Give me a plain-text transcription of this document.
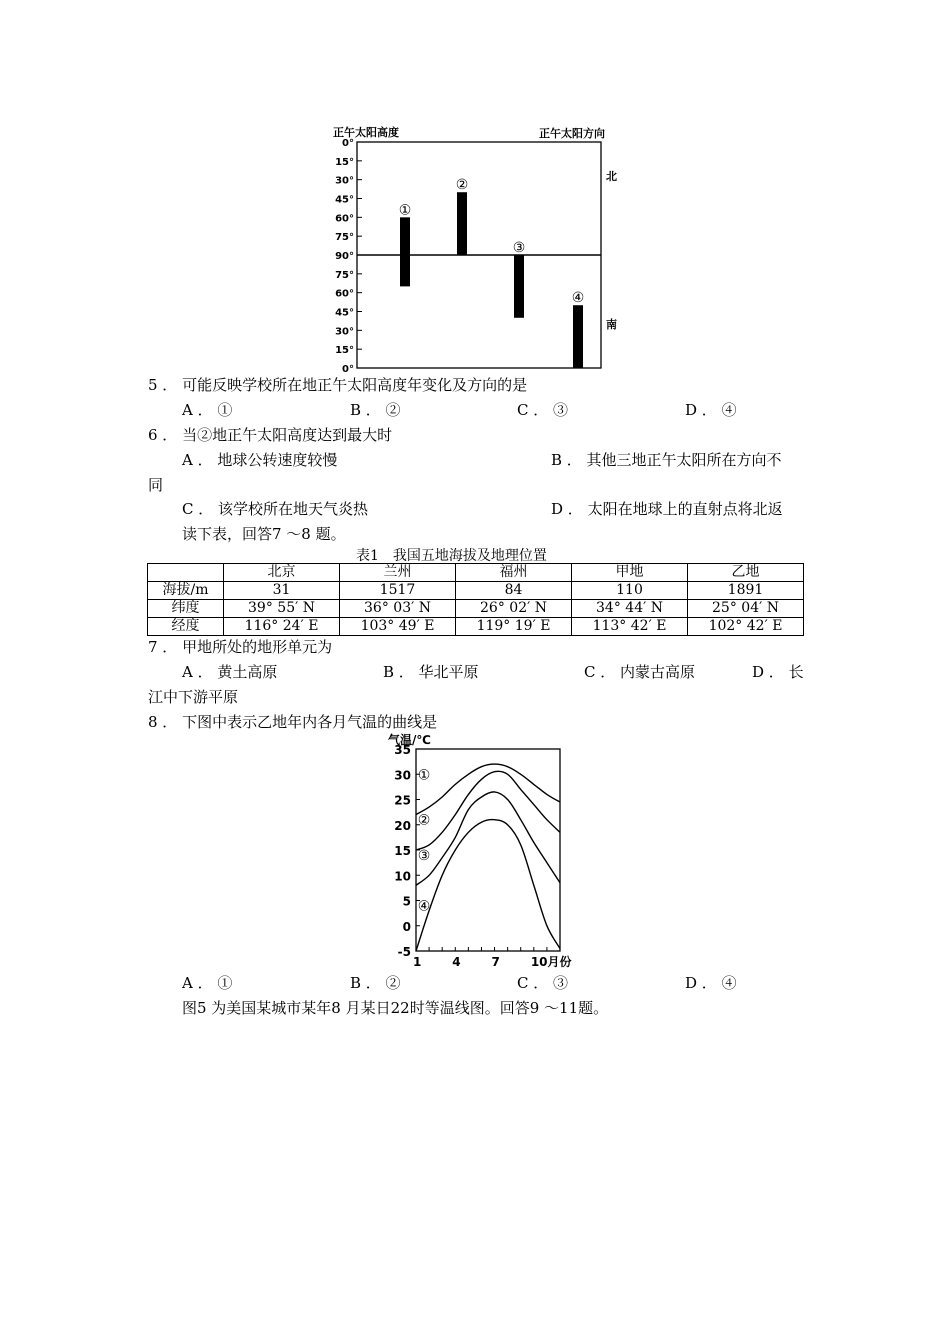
正午太阳高度	正午太阳方向
0°
15°
30°
45°
60°
75°
90°
75°
60°
45°
30°
15°
0°
北
南
①
②
③
④
5 ． 可能反映学校所在地正午太阳高度年变化及方向的是
A ． ①	B ． ②	C ． ③	D ． ④
6 ． 当②地正午太阳高度达到最大时
A ． 地球公转速度较慢	B ． 其他三地正午太阳所在方向不
同
C ． 该学校所在地天气炎热	D ． 太阳在地球上的直射点将北返
读下表，回答7 ～8 题。
表1　我国五地海拔及地理位置
	北京	兰州	福州	甲地	乙地
海拔/m	31	1517	84	110	1891
纬度	39° 55′ N	36° 03′ N	26° 02′ N	34° 44′ N	25° 04′ N
经度	116° 24′ E	103° 49′ E	119° 19′ E	113° 42′ E	102° 42′ E
7 ． 甲地所处的地形单元为
A ． 黄土高原	B ． 华北平原	C ． 内蒙古高原	D ． 长
江中下游平原
8 ． 下图中表示乙地年内各月气温的曲线是
气温/℃
35
30
25
20
15
10
5
0
-5
1	4	7	10月份
①
②
③
④
A ． ①	B ． ②	C ． ③	D ． ④
图5 为美国某城市某年8 月某日22时等温线图。回答9 ～11题。
